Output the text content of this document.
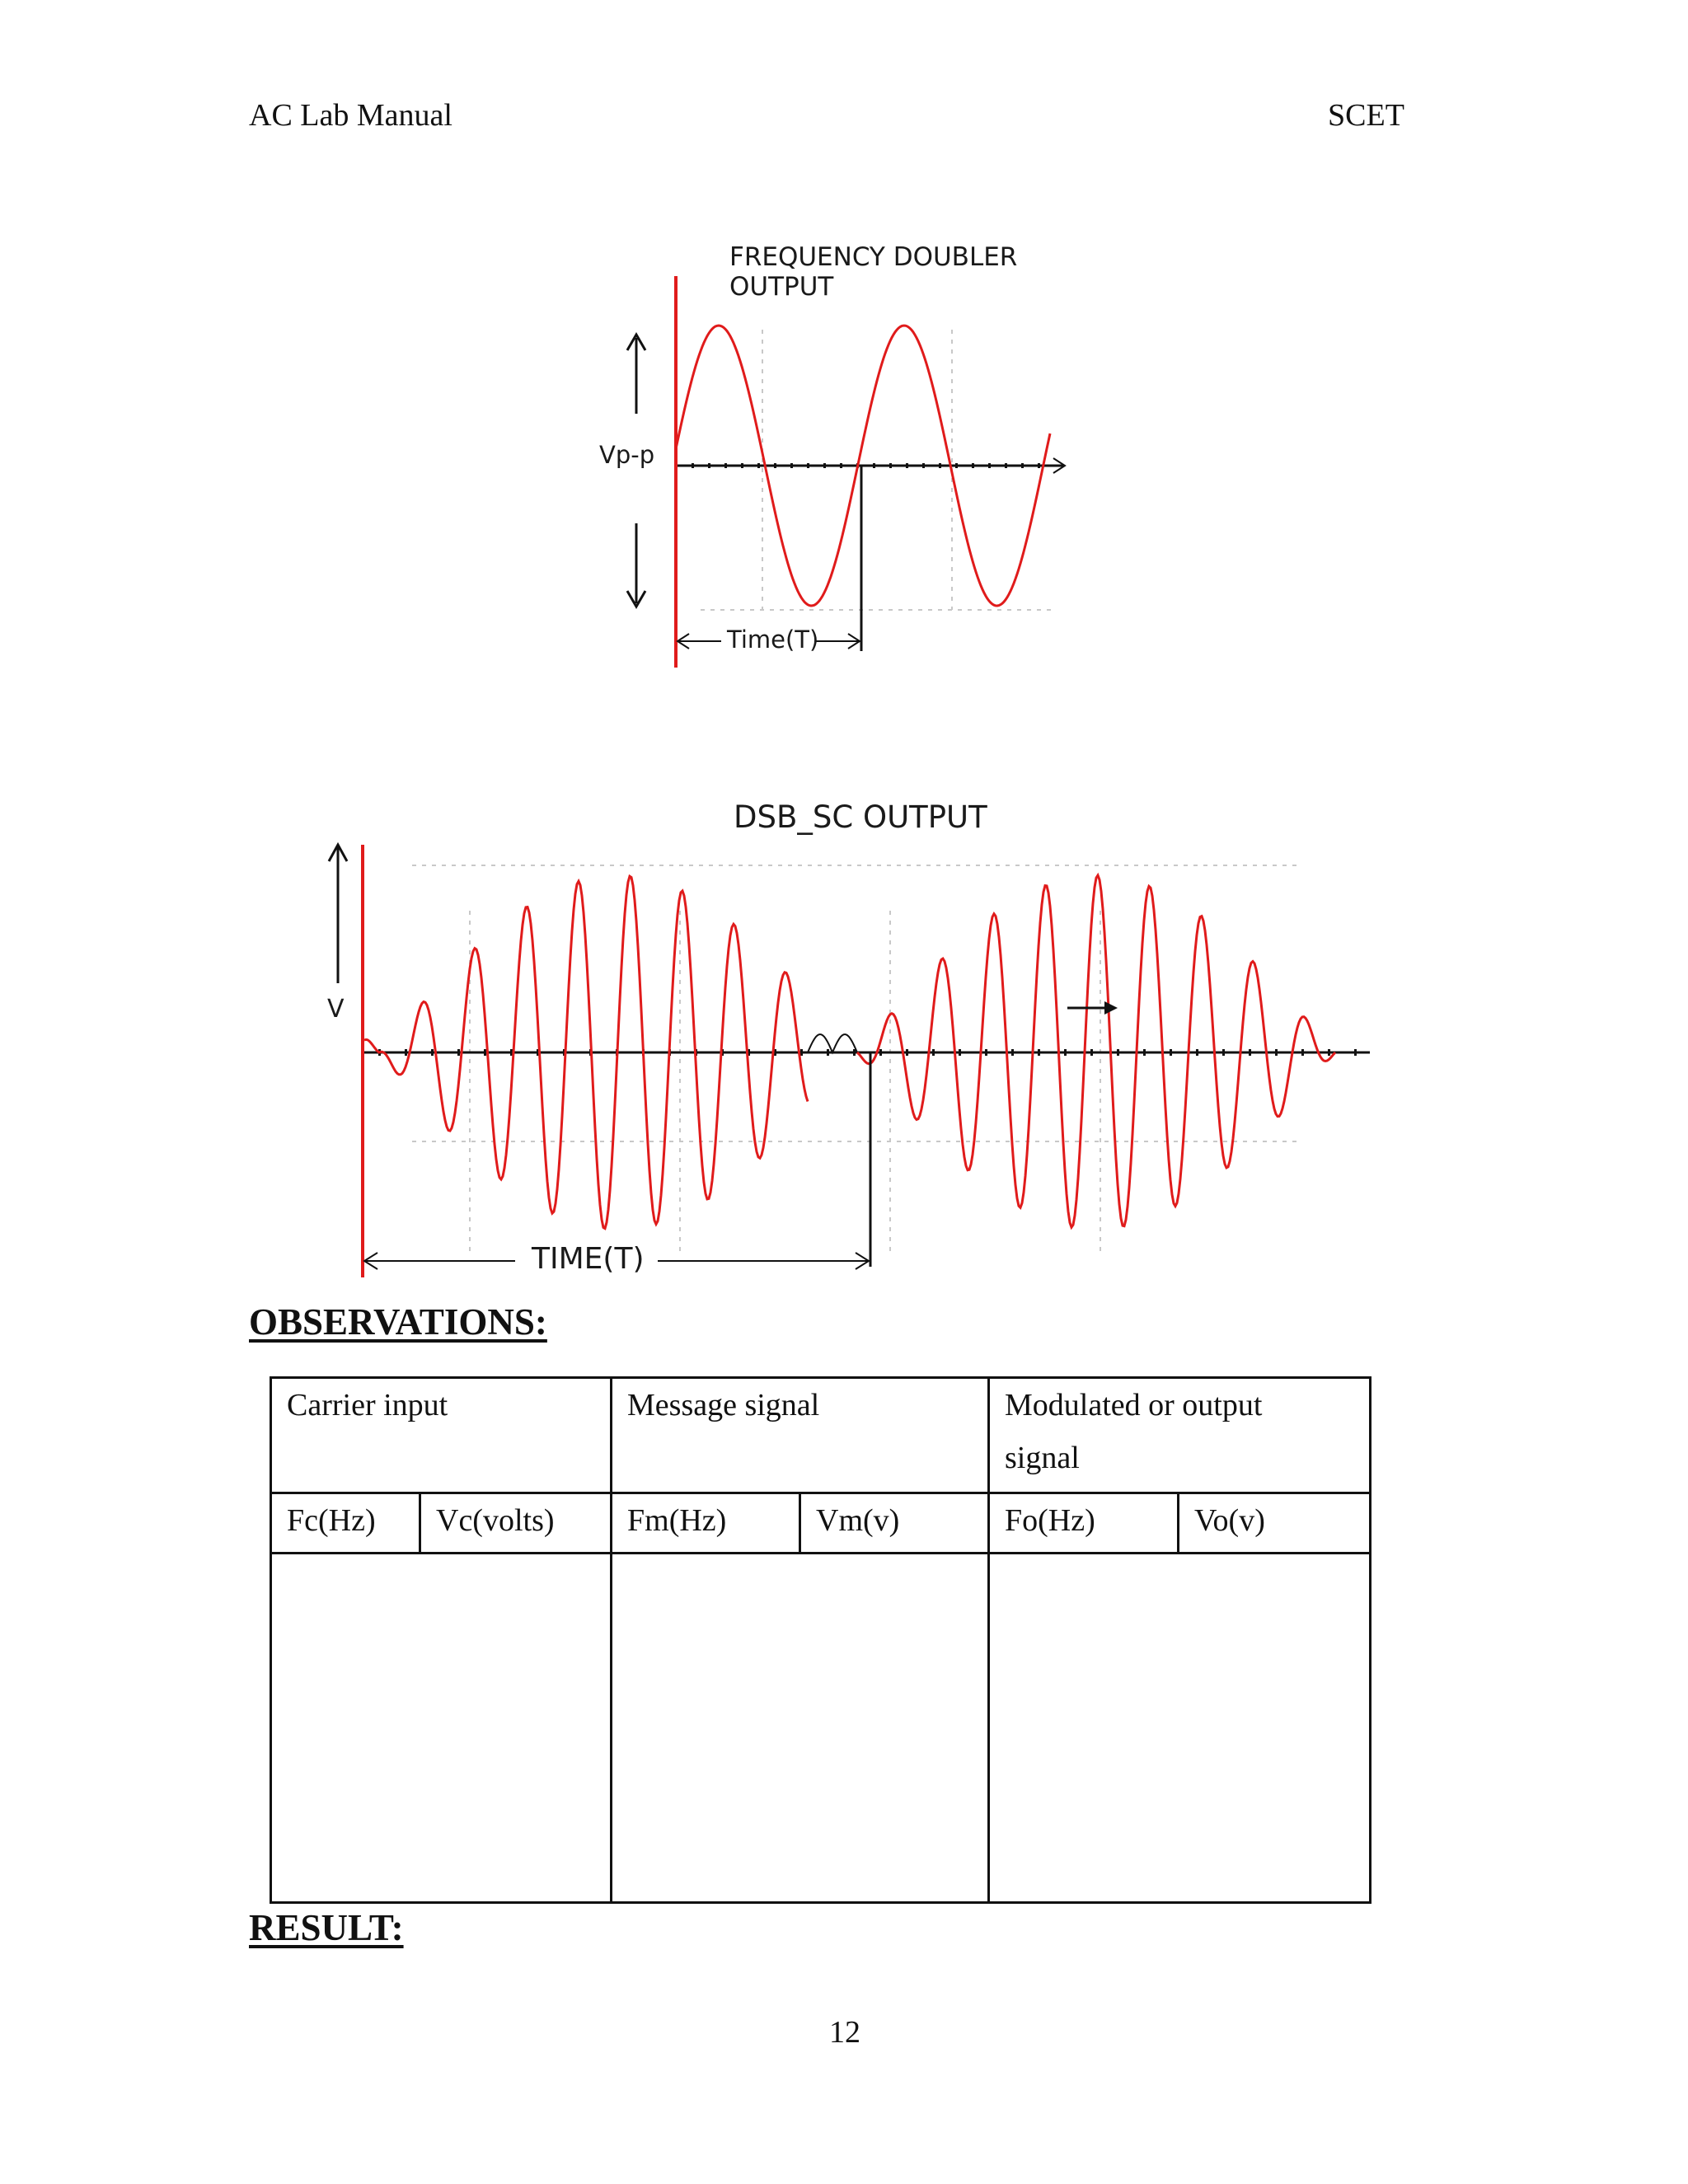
AC Lab Manual	SCET
FREQUENCY DOUBLER
OUTPUT
Vp-p
Time(T)
DSB_SC OUTPUT
V
TIME(T)
OBSERVATIONS:
Carrier input		Message signal		Modulated or output
signal	

Fc(Hz)	Vc(volts)	Fm(Hz)	Vm(v)	Fo(Hz)	Vo(v)

RESULT:
12
